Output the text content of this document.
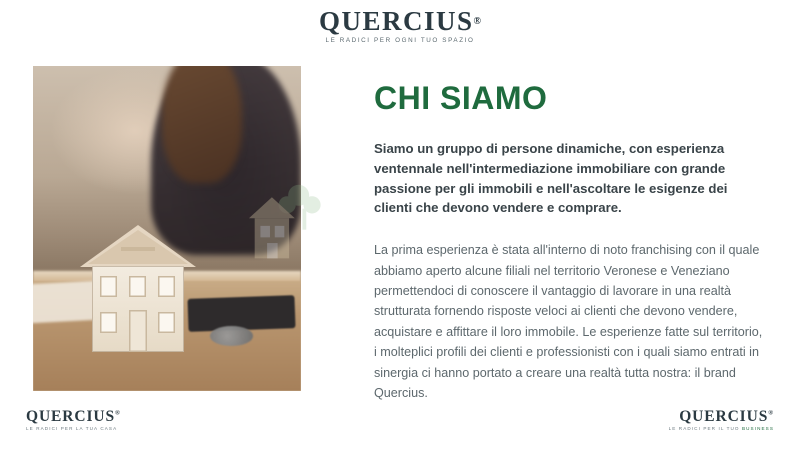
QUERCIUS®
LE RADICI PER OGNI TUO SPAZIO
CHI SIAMO

Siamo un gruppo di persone dinamiche, con esperienza ventennale nell'intermediazione immobiliare con grande passione per gli immobili e nell'ascoltare le esigenze dei clienti che devono vendere e comprare.

La prima esperienza è stata all'interno di noto franchising con il quale abbiamo aperto alcune filiali nel territorio Veronese e Veneziano permettendoci di conoscere il vantaggio di lavorare in una realtà strutturata fornendo risposte veloci ai clienti che devono vendere, acquistare e affittare il loro immobile. Le esperienze fatte sul territorio, i molteplici profili dei clienti e professionisti con i quali siamo entrati in sinergia ci hanno portato a creare una realtà tutta nostra: il brand Quercius.

QUERCIUS®
LE RADICI PER LA TUA CASA
QUERCIUS®
LE RADICI PER IL TUO BUSINESS
